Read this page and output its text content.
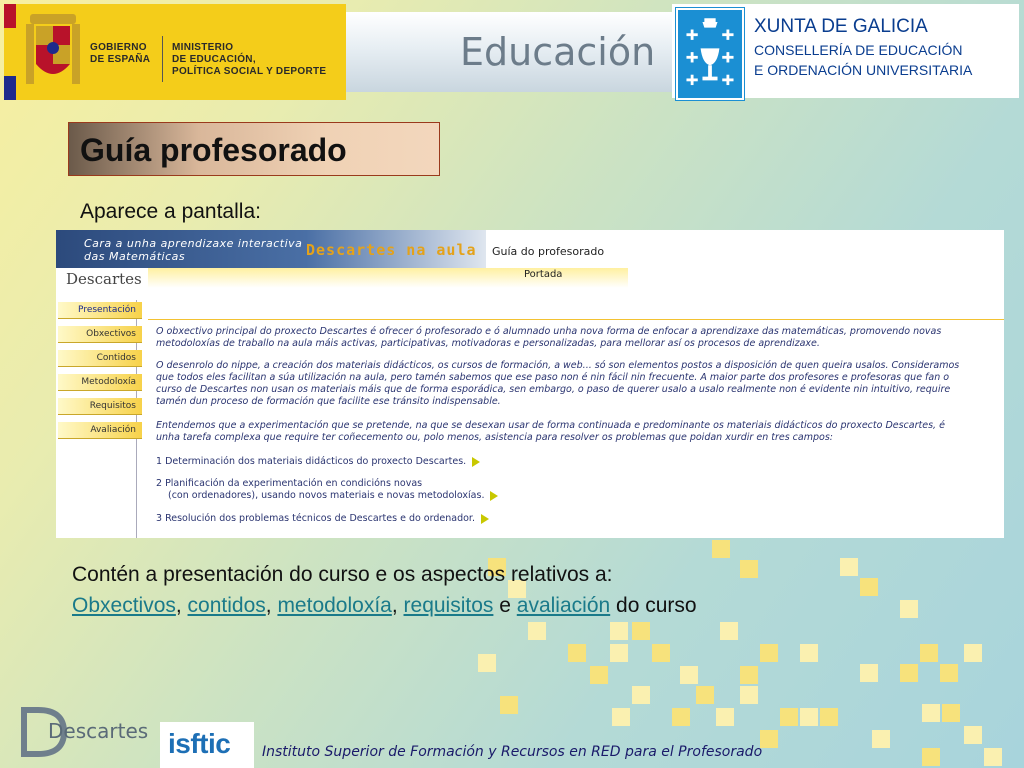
GOBIERNO
DE ESPAÑA
MINISTERIO
DE EDUCACIÓN,
POLÍTICA SOCIAL Y DEPORTE	Educación
XUNTA DE GALICIA
CONSELLERÍA DE EDUCACIÓN
E ORDENACIÓN UNIVERSITARIA
Guía profesorado
Aparece a pantalla:
Cara a unha aprendizaxe interactiva
das Matemáticas	Descartes na aula Guía do profesorado
Portada
Descartes
Presentación
Obxectivos
Contidos
Metodoloxía
Requisitos
Avaliación
O obxectivo principal do proxecto Descartes é ofrecer ó profesorado e ó alumnado unha nova forma de enfocar a aprendizaxe das matemáticas, promovendo novas
metodoloxías de traballo na aula máis activas, participativas, motivadoras e personalizadas, para mellorar así os procesos de aprendizaxe.
O desenrolo do nippe, a creación dos materiais didácticos, os cursos de formación, a web... só son elementos postos a disposición de quen queira usalos. Consideramos
que todos eles facilitan a súa utilización na aula, pero tamén sabemos que ese paso non é nin fácil nin frecuente. A maior parte dos profesores e profesoras que fan o
curso de Descartes non usan os materiais máis que de forma esporádica, sen embargo, o paso de querer usalo a usalo realmente non é evidente nin intuitivo, require
tamén dun proceso de formación que facilite ese tránsito indispensable.
Entendemos que a experimentación que se pretende, na que se desexan usar de forma continuada e predominante os materiais didácticos do proxecto Descartes, é
unha tarefa complexa que require ter coñecemento ou, polo menos, asistencia para resolver os problemas que poidan xurdir en tres campos:
1 Determinación dos materiais didácticos do proxecto Descartes.
2 Planificación da experimentación en condicións novas
(con ordenadores), usando novos materiais e novas metodoloxías.
3 Resolución dos problemas técnicos de Descartes e do ordenador.
Contén a presentación do curso e os aspectos relativos a:
Obxectivos, contidos, metodoloxía, requisitos e avaliación do curso
Descartes isftic Instituto Superior de Formación y Recursos en RED para el Profesorado
